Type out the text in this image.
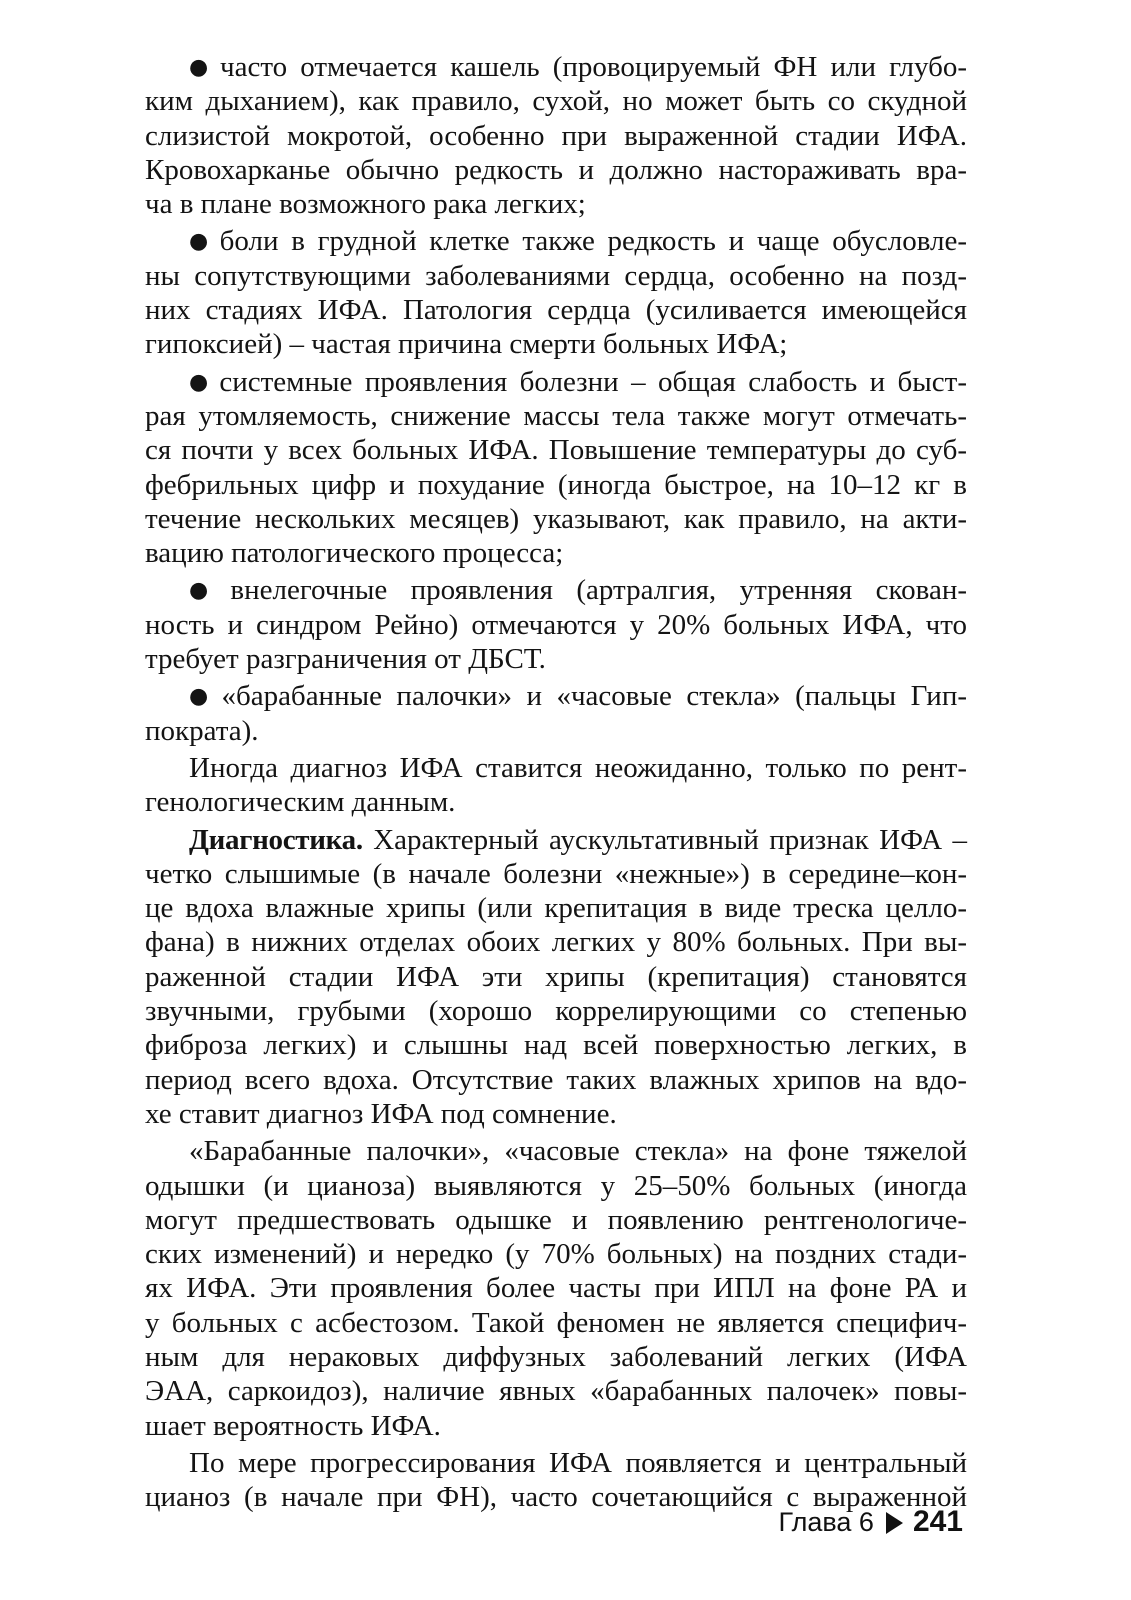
● часто отмечается кашель (провоцируемый ФН или глубо-
ким дыханием), как правило, сухой, но может быть со скудной
слизистой мокротой, особенно при выраженной стадии ИФА.
Кровохарканье обычно редкость и должно настораживать вра-
ча в плане возможного рака легких;
● боли в грудной клетке также редкость и чаще обусловле-
ны сопутствующими заболеваниями сердца, особенно на позд-
них стадиях ИФА. Патология сердца (усиливается имеющейся
гипоксией) – частая причина смерти больных ИФА;
● системные проявления болезни – общая слабость и быст-
рая утомляемость, снижение массы тела также могут отмечать-
ся почти у всех больных ИФА. Повышение температуры до суб-
фебрильных цифр и похудание (иногда быстрое, на 10–12 кг в
течение нескольких месяцев) указывают, как правило, на акти-
вацию патологического процесса;
● внелегочные проявления (артралгия, утренняя скован-
ность и синдром Рейно) отмечаются у 20% больных ИФА, что
требует разграничения от ДБСТ.
● «барабанные палочки» и «часовые стекла» (пальцы Гип-
пократа).
Иногда диагноз ИФА ставится неожиданно, только по рент-
генологическим данным.
Диагностика. Характерный аускультативный признак ИФА –
четко слышимые (в начале болезни «нежные») в середине–кон-
це вдоха влажные хрипы (или крепитация в виде треска целло-
фана) в нижних отделах обоих легких у 80% больных. При вы-
раженной стадии ИФА эти хрипы (крепитация) становятся
звучными, грубыми (хорошо коррелирующими со степенью
фиброза легких) и слышны над всей поверхностью легких, в
период всего вдоха. Отсутствие таких влажных хрипов на вдо-
хе ставит диагноз ИФА под сомнение.
«Барабанные палочки», «часовые стекла» на фоне тяжелой
одышки (и цианоза) выявляются у 25–50% больных (иногда
могут предшествовать одышке и появлению рентгенологиче-
ских изменений) и нередко (у 70% больных) на поздних стади-
ях ИФА. Эти проявления более часты при ИПЛ на фоне РА и
у больных с асбестозом. Такой феномен не является специфич-
ным для нераковых диффузных заболеваний легких (ИФА
ЭАА, саркоидоз), наличие явных «барабанных палочек» повы-
шает вероятность ИФА.
По мере прогрессирования ИФА появляется и центральный
цианоз (в начале при ФН), часто сочетающийся с выраженной
Глава 6 241
